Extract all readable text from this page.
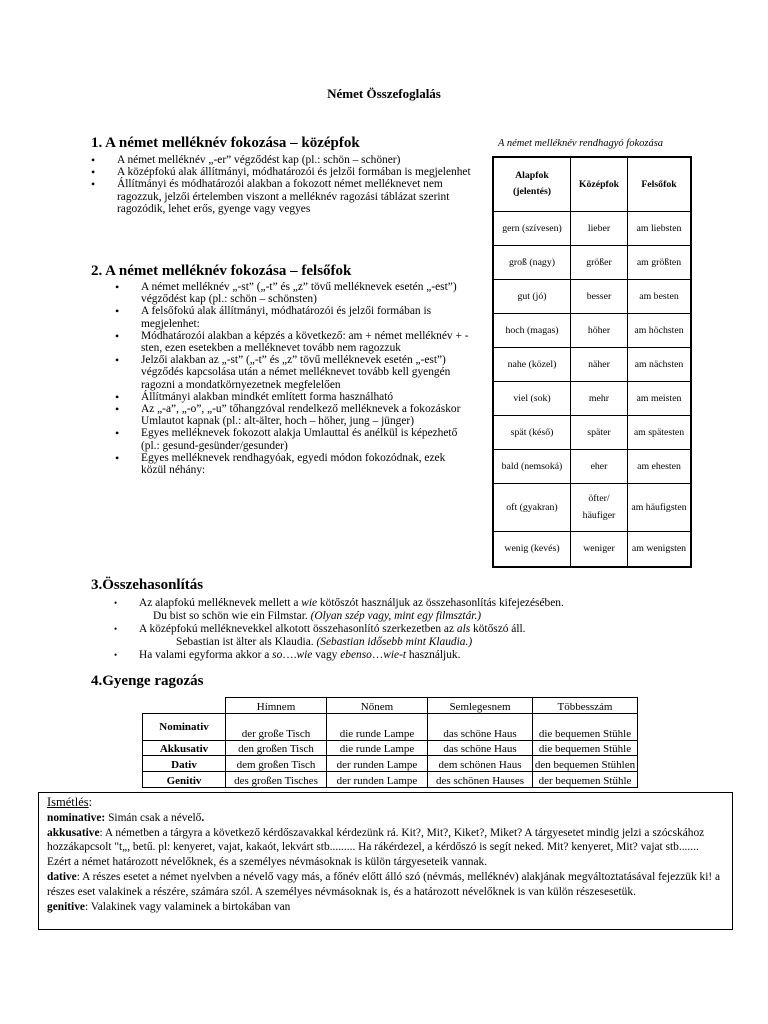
Német Összefoglalás

1. A német melléknév fokozása – középfok

• A német melléknév „-er” végződést kap (pl.: schön – schöner)
• A középfokú alak állítmányi, módhatározói és jelzői formában is megjelenhet
• Állítmányi és módhatározói alakban a fokozott német melléknevet nem ragozzuk, jelzői értelemben viszont a melléknév ragozási táblázat szerint ragozódik, lehet erős, gyenge vagy vegyes

2. A német melléknév fokozása – felsőfok

• A német melléknév „-st” („-t” és „z” tövű melléknevek esetén „-est”) végződést kap (pl.: schön – schönsten)
• A felsőfokú alak állítmányi, módhatározói és jelzői formában is megjelenhet:
• Módhatározói alakban a képzés a következő: am + német melléknév + -sten, ezen esetekben a melléknevet tovább nem ragozzuk
• Jelzői alakban az „-st” („-t” és „z” tövű melléknevek esetén „-est”) végződés kapcsolása után a német melléknevet tovább kell gyengén ragozni a mondatkörnyezetnek megfelelően
• Állítmányi alakban mindkét említett forma használható
• Az „-a”, „-o”, „-u” tőhangzóval rendelkező melléknevek a fokozáskor Umlautot kapnak (pl.: alt-älter, hoch – höher, jung – jünger)
• Egyes melléknevek fokozott alakja Umlauttal és anélkül is képezhető (pl.: gesund-gesünder/gesunder)
• Egyes melléknevek rendhagyóak, egyedi módon fokozódnak, ezek közül néhány:
A német melléknév rendhagyó fokozása
Alapfok (jelentés)	Középfok	Felsőfok
gern (szívesen)	lieber	am liebsten
groß (nagy)	größer	am größten
gut (jó)	besser	am besten
hoch (magas)	höher	am höchsten
nahe (közel)	näher	am nächsten
viel (sok)	mehr	am meisten
spät (késő)	später	am spätesten
bald (nemsoká)	eher	am ehesten
oft (gyakran)	öfter/ häufiger	am häufigsten
wenig (kevés)	weniger	am wenigsten

3.Összehasonlítás

• Az alapfokú melléknevek mellett a wie kötőszót használjuk az összehasonlítás kifejezésében.
Du bist so schön wie ein Filmstar. (Olyan szép vagy, mint egy filmsztár.)
• A középfokú melléknevekkel alkotott összehasonlító szerkezetben az als kötőszó áll.
Sebastian ist älter als Klaudia. (Sebastian idősebb mint Klaudia.)
• Ha valami egyforma akkor a so….wie vagy ebenso…wie-t használjuk.

4.Gyenge ragozás

	Hímnem	Nőnem	Semlegesnem	Többesszám
Nominativ	der große Tisch	die runde Lampe	das schöne Haus	die bequemen Stühle
Akkusativ	den großen Tisch	die runde Lampe	das schöne Haus	die bequemen Stühle
Dativ	dem großen Tisch	der runden Lampe	dem schönen Haus	den bequemen Stühlen
Genitiv	des großen Tisches	der runden Lampe	des schönen Hauses	der bequemen Stühle
Ismétlés:
nominative: Simán csak a névelő.
akkusative: A németben a tárgyra a következő kérdőszavakkal kérdezünk rá. Kit?, Mit?, Kiket?, Miket? A tárgyesetet mindig jelzi a szócskához hozzákapcsolt "t„, betű. pl: kenyeret, vajat, kakaót, lekvárt stb......... Ha rákérdezel, a kérdőszó is segít neked. Mit? kenyeret, Mit? vajat stb....... Ezért a német határozott névelőknek, és a személyes névmásoknak is külön tárgyeseteik vannak.
dative: A részes esetet a német nyelvben a névelő vagy más, a főnév előtt álló szó (névmás, melléknév) alakjának megváltoztatásával fejezzük ki! a részes eset valakinek a részére, számára szól. A személyes névmásoknak is, és a határozott névelőknek is van külön részesesetük.
genitive: Valakinek vagy valaminek a birtokában van
